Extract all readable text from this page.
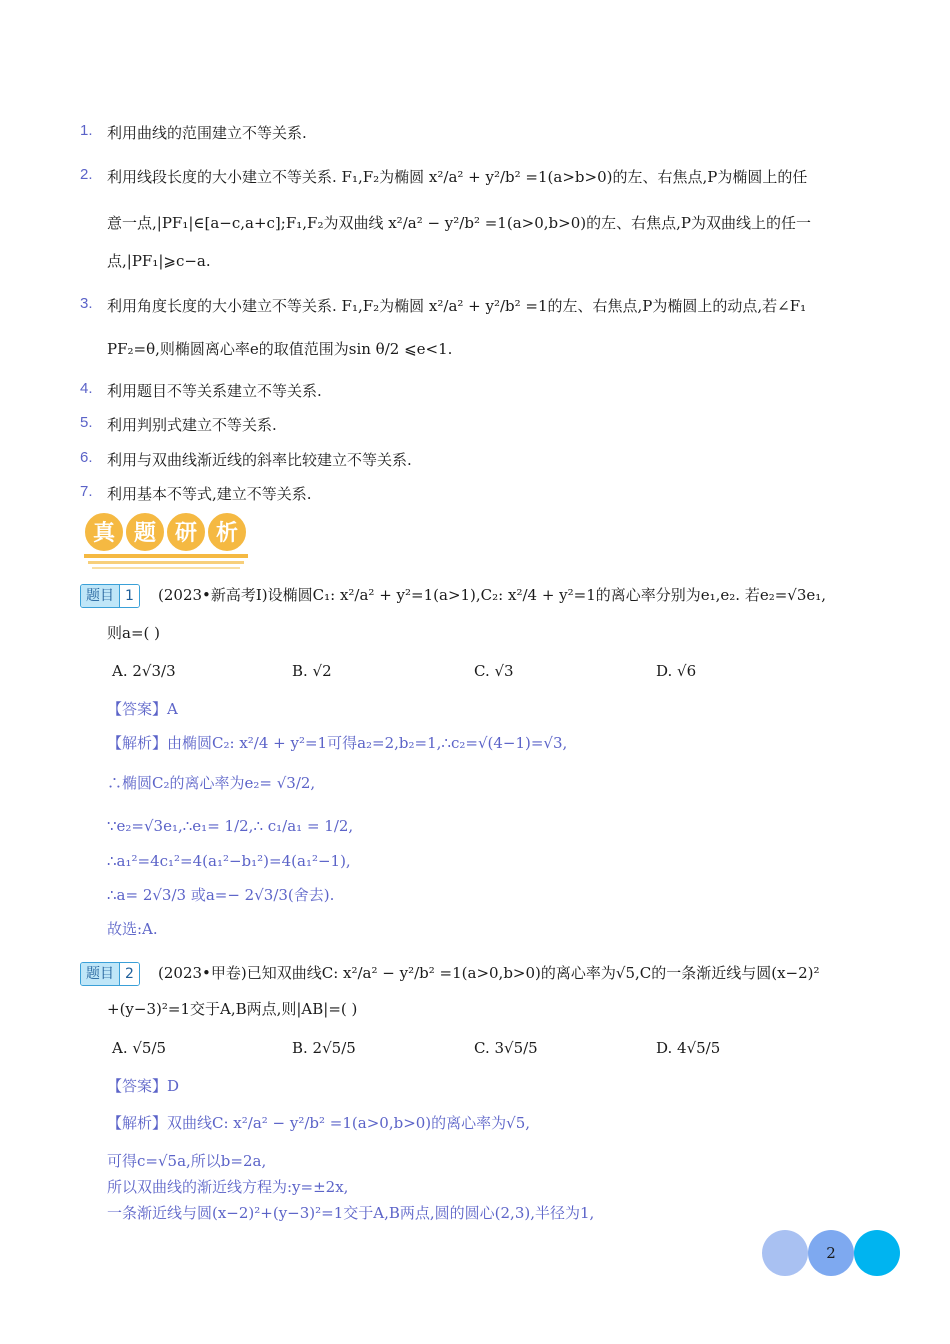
1. 利用曲线的范围建立不等关系.
2. 利用线段长度的大小建立不等关系. F₁,F₂为椭圆 x²/a² + y²/b² =1(a>b>0)的左、右焦点,P为椭圆上的任
意一点,|PF₁|∈[a−c,a+c];F₁,F₂为双曲线 x²/a² − y²/b² =1(a>0,b>0)的左、右焦点,P为双曲线上的任一
点,|PF₁|⩾c−a.
3. 利用角度长度的大小建立不等关系. F₁,F₂为椭圆 x²/a² + y²/b² =1的左、右焦点,P为椭圆上的动点,若∠F₁
PF₂=θ,则椭圆离心率e的取值范围为sin θ/2 ⩽e<1.
4. 利用题目不等关系建立不等关系.
5. 利用判别式建立不等关系.
6. 利用与双曲线渐近线的斜率比较建立不等关系.
7. 利用基本不等式,建立不等关系.
真 题 研 析
题目 1	(2023•新高考Ⅰ)设椭圆C₁: x²/a² + y²=1(a>1),C₂: x²/4 + y²=1的离心率分别为e₁,e₂. 若e₂=√3e₁,
则a=( )
A. 2√3/3	B. √2	C. √3	D. √6
【答案】A
【解析】由椭圆C₂: x²/4 + y²=1可得a₂=2,b₂=1,∴c₂=√(4−1)=√3,
∴椭圆C₂的离心率为e₂= √3/2,
∵e₂=√3e₁,∴e₁= 1/2,∴ c₁/a₁ = 1/2,
∴a₁²=4c₁²=4(a₁²−b₁²)=4(a₁²−1),
∴a= 2√3/3 或a=− 2√3/3(舍去).
故选:A.
题目 2	(2023•甲卷)已知双曲线C: x²/a² − y²/b² =1(a>0,b>0)的离心率为√5,C的一条渐近线与圆(x−2)²
+(y−3)²=1交于A,B两点,则|AB|=( )
A. √5/5	B. 2√5/5	C. 3√5/5	D. 4√5/5
【答案】D
【解析】双曲线C: x²/a² − y²/b² =1(a>0,b>0)的离心率为√5,
可得c=√5a,所以b=2a,
所以双曲线的渐近线方程为:y=±2x,
一条渐近线与圆(x−2)²+(y−3)²=1交于A,B两点,圆的圆心(2,3),半径为1,
2
